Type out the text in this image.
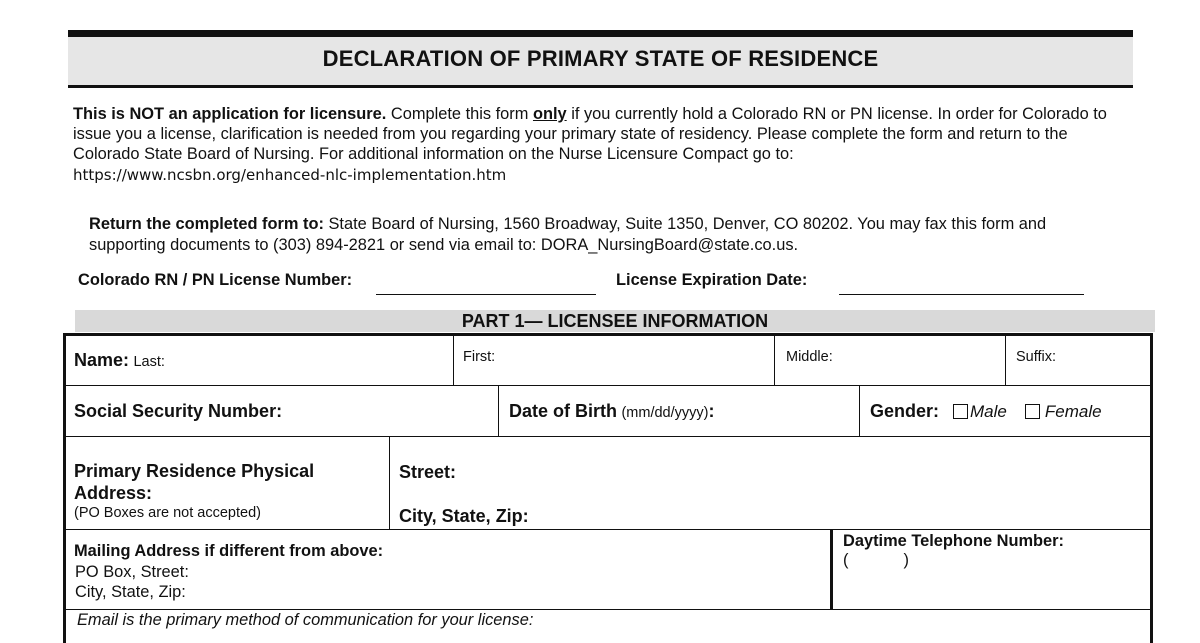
DECLARATION OF PRIMARY STATE OF RESIDENCE
This is NOT an application for licensure. Complete this form only if you currently hold a Colorado RN or PN license. In order for Colorado to issue you a license, clarification is needed from you regarding your primary state of residency. Please complete the form and return to the Colorado State Board of Nursing. For additional information on the Nurse Licensure Compact go to:
https://www.ncsbn.org/enhanced-nlc-implementation.htm
Return the completed form to: State Board of Nursing, 1560 Broadway, Suite 1350, Denver, CO 80202. You may fax this form and supporting documents to (303) 894-2821 or send via email to: DORA_NursingBoard@state.co.us.
Colorado RN / PN License Number:	License Expiration Date:
PART 1— LICENSEE INFORMATION
Name: Last:	First:	Middle:	Suffix:
Social Security Number:	Date of Birth (mm/dd/yyyy):	Gender: Male Female
Primary Residence Physical Address:
(PO Boxes are not accepted)
Street:
City, State, Zip:
Mailing Address if different from above:
PO Box, Street:
City, State, Zip:
Daytime Telephone Number:
(	)
Email is the primary method of communication for your license:
